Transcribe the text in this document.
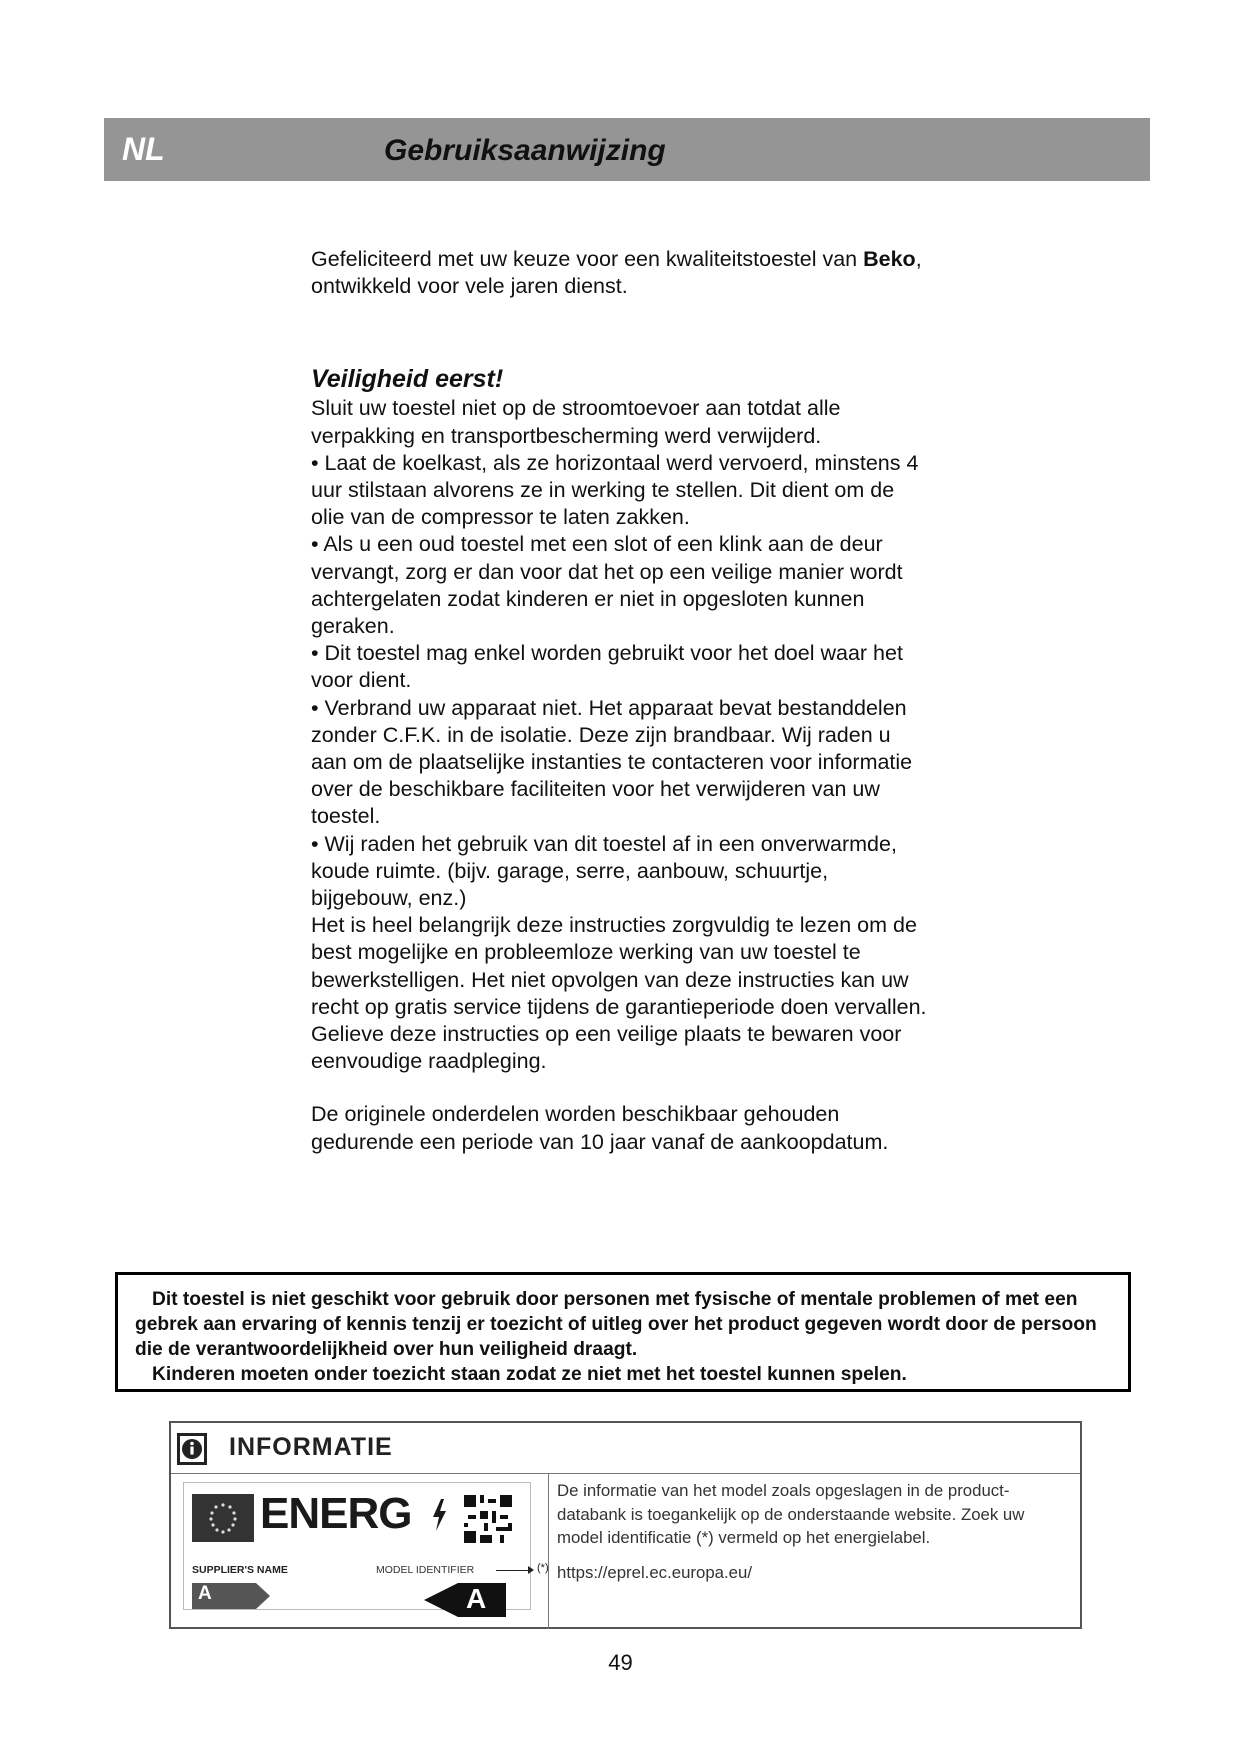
NL	Gebruiksaanwijzing

Gefeliciteerd met uw keuze voor een kwaliteitstoestel van Beko, ontwikkeld voor vele jaren dienst.

Veiligheid eerst!

Sluit uw toestel niet op de stroomtoevoer aan totdat alle verpakking en transportbescherming werd verwijderd.

• Laat de koelkast, als ze horizontaal werd vervoerd, minstens 4 uur stilstaan alvorens ze in werking te stellen. Dit dient om de olie van de compressor te laten zakken.

• Als u een oud toestel met een slot of een klink aan de deur vervangt, zorg er dan voor dat het op een veilige manier wordt achtergelaten zodat kinderen er niet in opgesloten kunnen geraken.

• Dit toestel mag enkel worden gebruikt voor het doel waar het voor dient.

• Verbrand uw apparaat niet. Het apparaat bevat bestanddelen zonder C.F.K. in de isolatie. Deze zijn brandbaar. Wij raden u aan om de plaatselijke instanties te contacteren voor informatie over de beschikbare faciliteiten voor het verwijderen van uw toestel.

• Wij raden het gebruik van dit toestel af in een onverwarmde, koude ruimte. (bijv. garage, serre, aanbouw, schuurtje, bijgebouw, enz.)

Het is heel belangrijk deze instructies zorgvuldig te lezen om de best mogelijke en probleemloze werking van uw toestel te bewerkstelligen. Het niet opvolgen van deze instructies kan uw recht op gratis service tijdens de garantieperiode doen vervallen.

Gelieve deze instructies op een veilige plaats te bewaren voor eenvoudige raadpleging.

De originele onderdelen worden beschikbaar gehouden gedurende een periode van 10 jaar vanaf de aankoopdatum.

Dit toestel is niet geschikt voor gebruik door personen met fysische of mentale problemen of met een gebrek aan ervaring of kennis tenzij er toezicht of uitleg over het product gegeven wordt door de persoon die de verantwoordelijkheid over hun veiligheid draagt.

Kinderen moeten onder toezicht staan zodat ze niet met het toestel kunnen spelen.

INFORMATIE
ENERG
SUPPLIER'S NAME	MODEL IDENTIFIER	(*)
A	A
De informatie van het model zoals opgeslagen in de product-databank is toegankelijk op de onderstaande website. Zoek uw model identificatie (*) vermeld op het energielabel.
https://eprel.ec.europa.eu/
49
